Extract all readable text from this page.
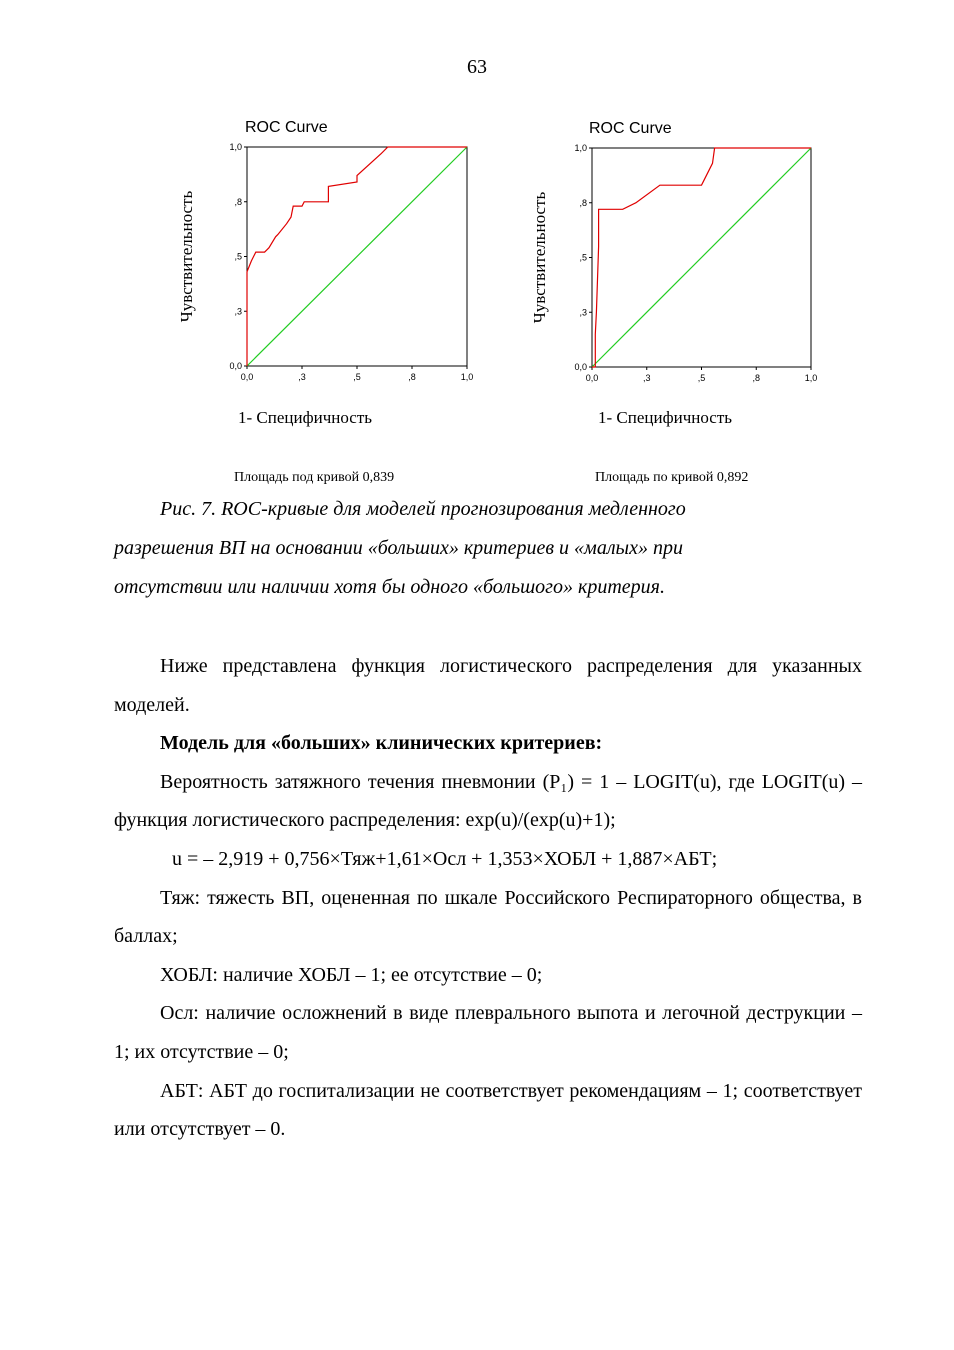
63
ROC Curve
0,0
,3
,5
,8
1,0
0,0	,3	,5	,8	1,0
Чувствительность
1- Специфичность
Площадь под кривой 0,839
ROC Curve
0,0
,3
,5
,8
1,0
0,0	,3	,5	,8	1,0
Чувствительность
1- Специфичность
Площадь по кривой 0,892
Рис. 7. ROC-кривые для моделей прогнозирования медленного
разрешения ВП на основании «больших» критериев и «малых» при
отсутствии или наличии хотя бы одного «большого» критерия.

Ниже представлена функция логистического распределения для указанных моделей.

Модель для «больших» клинических критериев:

Вероятность затяжного течения пневмонии (P₁) = 1 – LOGIT(u), где LOGIT(u) – функция логистического распределения: exp(u)/(exp(u)+1);

u = – 2,919 + 0,756×Тяж+1,61×Осл + 1,353×ХОБЛ + 1,887×АБТ;

Тяж: тяжесть ВП, оцененная по шкале Российского Респираторного общества, в баллах;

ХОБЛ: наличие ХОБЛ – 1; ее отсутствие – 0;

Осл: наличие осложнений в виде плеврального выпота и легочной деструкции – 1; их отсутствие – 0;

АБТ: АБТ до госпитализации не соответствует рекомендациям – 1; соответствует или отсутствует – 0.
